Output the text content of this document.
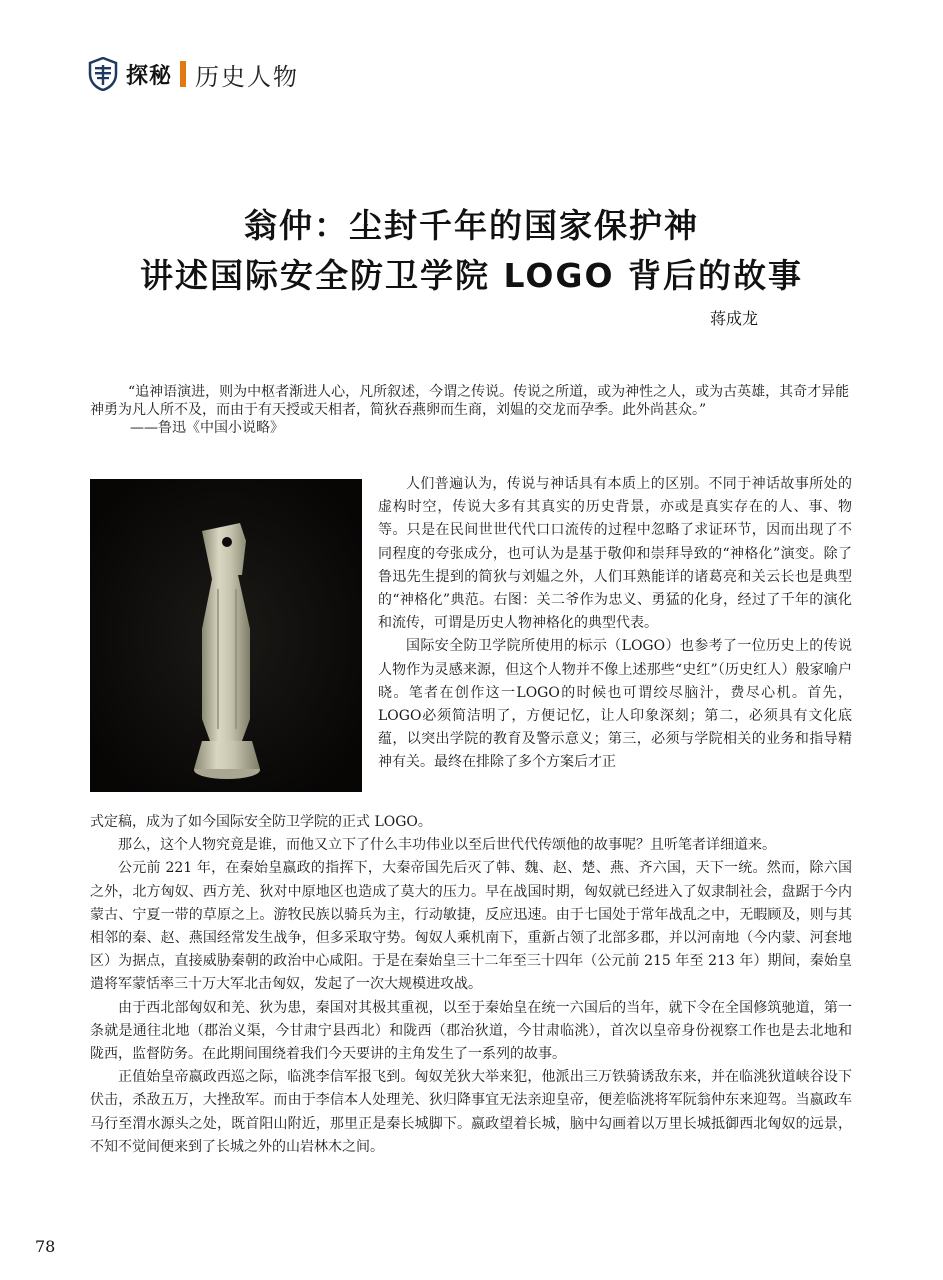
探秘 历史人物
翁仲：尘封千年的国家保护神
讲述国际安全防卫学院 LOGO 背后的故事
蒋成龙

“追神语演进，则为中枢者渐进人心，凡所叙述，今谓之传说。传说之所道，或为神性之人，或为古英雄，其奇才异能神勇为凡人所不及，而由于有天授或天相者，简狄吞燕卵而生商，刘媪的交龙而孕季。此外尚甚众。”

——鲁迅《中国小说略》

人们普遍认为，传说与神话具有本质上的区别。不同于神话故事所处的虚构时空，传说大多有其真实的历史背景，亦或是真实存在的人、事、物等。只是在民间世世代代口口流传的过程中忽略了求证环节，因而出现了不同程度的夸张成分，也可认为是基于敬仰和崇拜导致的“神格化”演变。除了鲁迅先生提到的简狄与刘媪之外，人们耳熟能详的诸葛亮和关云长也是典型的“神格化”典范。右图：关二爷作为忠义、勇猛的化身，经过了千年的演化和流传，可谓是历史人物神格化的典型代表。

国际安全防卫学院所使用的标示（LOGO）也参考了一位历史上的传说人物作为灵感来源，但这个人物并不像上述那些“史红”（历史红人）般家喻户晓。笔者在创作这一LOGO的时候也可谓绞尽脑汁，费尽心机。首先，LOGO必须简洁明了，方便记忆，让人印象深刻；第二，必须具有文化底蕴，以突出学院的教育及警示意义；第三，必须与学院相关的业务和指导精神有关。最终在排除了多个方案后才正

式定稿，成为了如今国际安全防卫学院的正式 LOGO。

那么，这个人物究竟是谁，而他又立下了什么丰功伟业以至后世代代传颂他的故事呢？且听笔者详细道来。

公元前 221 年，在秦始皇嬴政的指挥下，大秦帝国先后灭了韩、魏、赵、楚、燕、齐六国，天下一统。然而，除六国之外，北方匈奴、西方羌、狄对中原地区也造成了莫大的压力。早在战国时期，匈奴就已经进入了奴隶制社会，盘踞于今内蒙古、宁夏一带的草原之上。游牧民族以骑兵为主，行动敏捷，反应迅速。由于七国处于常年战乱之中，无暇顾及，则与其相邻的秦、赵、燕国经常发生战争，但多采取守势。匈奴人乘机南下，重新占领了北部多郡，并以河南地（今内蒙、河套地区）为据点，直接威胁秦朝的政治中心咸阳。于是在秦始皇三十二年至三十四年（公元前 215 年至 213 年）期间，秦始皇遣将军蒙恬率三十万大军北击匈奴，发起了一次大规模进攻战。

由于西北部匈奴和羌、狄为患，秦国对其极其重视，以至于秦始皇在统一六国后的当年，就下令在全国修筑驰道，第一条就是通往北地（郡治义渠，今甘肃宁县西北）和陇西（郡治狄道，今甘肃临洮），首次以皇帝身份视察工作也是去北地和陇西，监督防务。在此期间围绕着我们今天要讲的主角发生了一系列的故事。

正值始皇帝嬴政西巡之际，临洮李信军报飞到。匈奴羌狄大举来犯，他派出三万铁骑诱敌东来，并在临洮狄道峡谷设下伏击，杀敌五万，大挫敌军。而由于李信本人处理羌、狄归降事宜无法亲迎皇帝，便差临洮将军阮翁仲东来迎驾。当嬴政车马行至渭水源头之处，既首阳山附近，那里正是秦长城脚下。嬴政望着长城，脑中勾画着以万里长城抵御西北匈奴的远景，不知不觉间便来到了长城之外的山岩林木之间。

78
